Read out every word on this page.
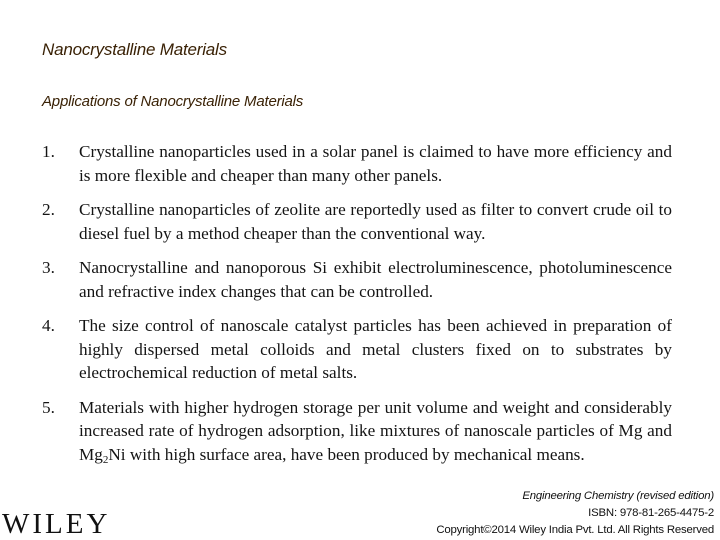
Nanocrystalline Materials
Applications of Nanocrystalline Materials
1.	Crystalline nanoparticles used in a solar panel is claimed to have more efficiency and is more flexible and cheaper than many other panels.
2.	Crystalline nanoparticles of zeolite are reportedly used as filter to convert crude oil to diesel fuel by a method cheaper than the conventional way.
3.	Nanocrystalline and nanoporous Si exhibit electroluminescence, photoluminescence and refractive index changes that can be controlled.
4.	The size control of nanoscale catalyst particles has been achieved in preparation of highly dispersed metal colloids and metal clusters fixed on to substrates by electrochemical reduction of metal salts.
5.	Materials with higher hydrogen storage per unit volume and weight and considerably increased rate of hydrogen adsorption, like mixtures of nanoscale particles of Mg and $Mg_2Ni$ with high surface area, have been produced by mechanical means.
WILEY
Engineering Chemistry (revised edition)
ISBN: 978-81-265-4475-2
Copyright©2014 Wiley India Pvt. Ltd. All Rights Reserved
